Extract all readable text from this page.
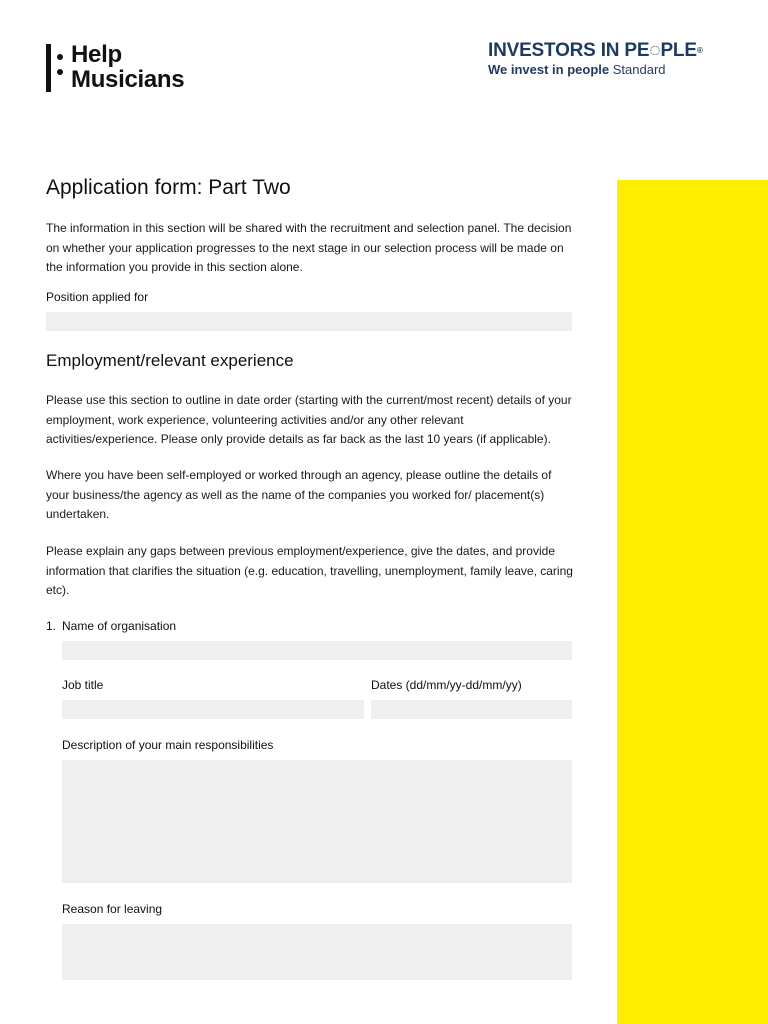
Help
Musicians
INVESTORS IN PE◌PLE®
We invest in people Standard
Application form: Part Two

The information in this section will be shared with the recruitment and selection panel. The decision on whether your application progresses to the next stage in our selection process will be made on the information you provide in this section alone.

Position applied for
Employment/relevant experience

Please use this section to outline in date order (starting with the current/most recent) details of your employment, work experience, volunteering activities and/or any other relevant activities/experience. Please only provide details as far back as the last 10 years (if applicable).

Where you have been self-employed or worked through an agency, please outline the details of your business/the agency as well as the name of the companies you worked for/ placement(s) undertaken.

Please explain any gaps between previous employment/experience, give the dates, and provide information that clarifies the situation (e.g. education, travelling, unemployment, family leave, caring etc).

1. Name of organisation
Job title	Dates (dd/mm/yy-dd/mm/yy)
Description of your main responsibilities
Reason for leaving
